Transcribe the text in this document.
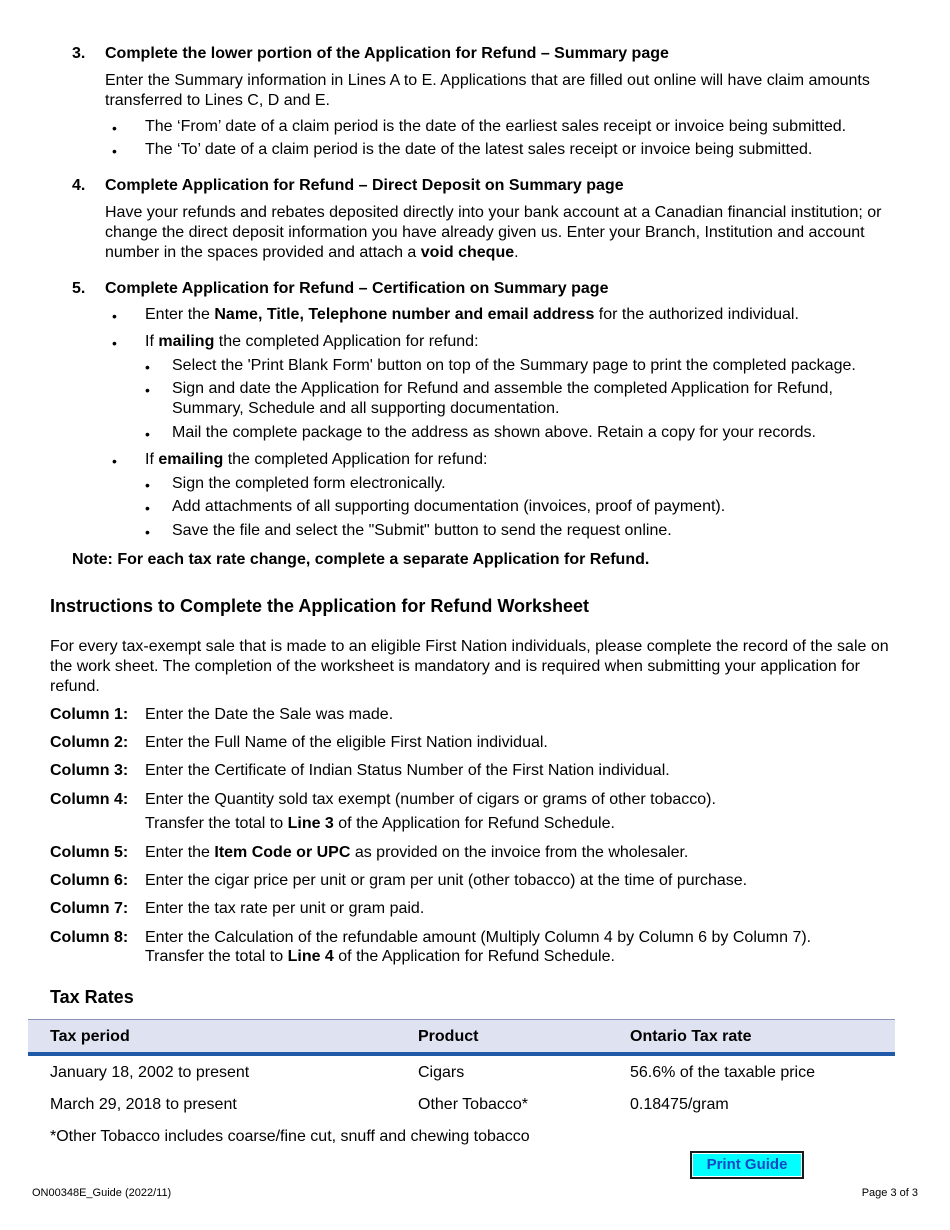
3. Complete the lower portion of the Application for Refund – Summary page
Enter the Summary information in Lines A to E. Applications that are filled out online will have claim amounts
transferred to Lines C, D and E.
• The ‘From’ date of a claim period is the date of the earliest sales receipt or invoice being submitted.
• The ‘To’ date of a claim period is the date of the latest sales receipt or invoice being submitted.
4. Complete Application for Refund – Direct Deposit on Summary page
Have your refunds and rebates deposited directly into your bank account at a Canadian financial institution; or
change the direct deposit information you have already given us. Enter your Branch, Institution and account
number in the spaces provided and attach a void cheque.
5. Complete Application for Refund – Certification on Summary page
• Enter the Name, Title, Telephone number and email address for the authorized individual.
• If mailing the completed Application for refund:
• Select the 'Print Blank Form' button on top of the Summary page to print the completed package.
• Sign and date the Application for Refund and assemble the completed Application for Refund,
Summary, Schedule and all supporting documentation.
• Mail the complete package to the address as shown above. Retain a copy for your records.
• If emailing the completed Application for refund:
• Sign the completed form electronically.
• Add attachments of all supporting documentation (invoices, proof of payment).
• Save the file and select the "Submit" button to send the request online.
Note: For each tax rate change, complete a separate Application for Refund.
Instructions to Complete the Application for Refund Worksheet
For every tax-exempt sale that is made to an eligible First Nation individuals, please complete the record of the sale on
the work sheet. The completion of the worksheet is mandatory and is required when submitting your application for
refund.
Column 1: Enter the Date the Sale was made.
Column 2: Enter the Full Name of the eligible First Nation individual.
Column 3: Enter the Certificate of Indian Status Number of the First Nation individual.
Column 4: Enter the Quantity sold tax exempt (number of cigars or grams of other tobacco).
Transfer the total to Line 3 of the Application for Refund Schedule.
Column 5: Enter the Item Code or UPC as provided on the invoice from the wholesaler.
Column 6: Enter the cigar price per unit or gram per unit (other tobacco) at the time of purchase.
Column 7: Enter the tax rate per unit or gram paid.
Column 8: Enter the Calculation of the refundable amount (Multiply Column 4 by Column 6 by Column 7).
Transfer the total to Line 4 of the Application for Refund Schedule.
Tax Rates
Tax period	Product	Ontario Tax rate
January 18, 2002 to present	Cigars	56.6% of the taxable price
March 29, 2018 to present	Other Tobacco*	0.18475/gram
*Other Tobacco includes coarse/fine cut, snuff and chewing tobacco
Print Guide
ON00348E_Guide (2022/11)	Page 3 of 3
